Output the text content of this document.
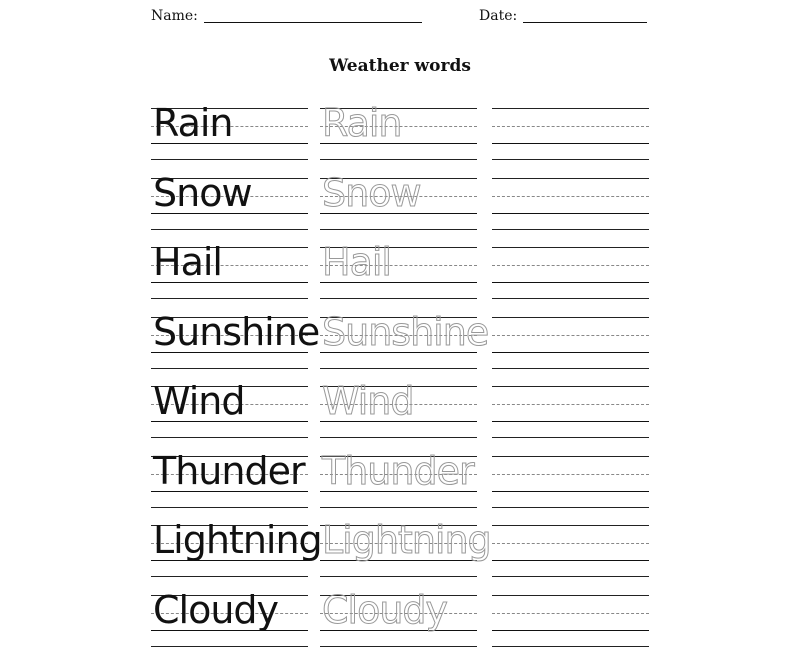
Name:	Date:
Weather words
Rain Rain
Snow Snow
Hail	Hail
Sunshine Sunshine
Wind Wind
Thunder Thunder
Lightning Lightning
Cloudy Cloudy
